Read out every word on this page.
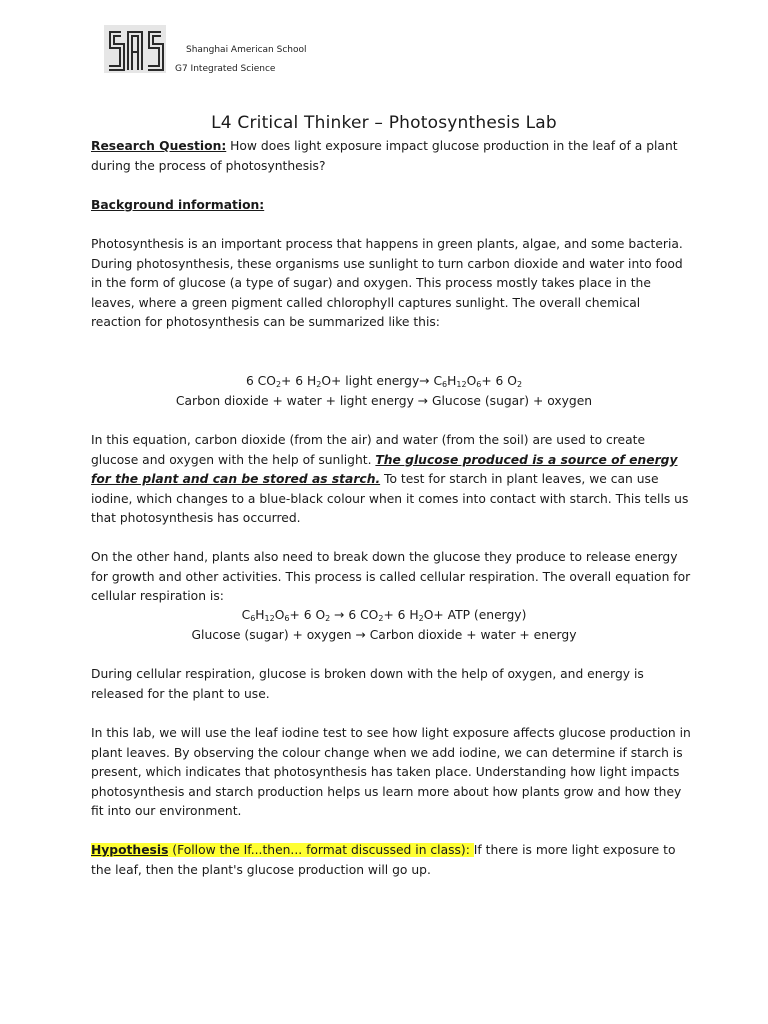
Shanghai American School
G7 Integrated Science
L4 Critical Thinker – Photosynthesis Lab
Research Question: How does light exposure impact glucose production in the leaf of a plant during the process of photosynthesis?
Background information:
Photosynthesis is an important process that happens in green plants, algae, and some bacteria. During photosynthesis, these organisms use sunlight to turn carbon dioxide and water into food in the form of glucose (a type of sugar) and oxygen. This process mostly takes place in the leaves, where a green pigment called chlorophyll captures sunlight. The overall chemical reaction for photosynthesis can be summarized like this:
6 $CO_2+ 6$ $H_2O+$ light energy→ $C_6H_{12}O_6+ 6$ $O_2$
Carbon dioxide + water + light energy → Glucose (sugar) + oxygen
In this equation, carbon dioxide (from the air) and water (from the soil) are used to create glucose and oxygen with the help of sunlight. The glucose produced is a source of energy for the plant and can be stored as starch. To test for starch in plant leaves, we can use iodine, which changes to a blue-black colour when it comes into contact with starch. This tells us that photosynthesis has occurred.
On the other hand, plants also need to break down the glucose they produce to release energy for growth and other activities. This process is called cellular respiration. The overall equation for cellular respiration is:
$C_6H_{12}O_6+ 6$ $O_2 \to 6$ $CO_2+ 6$ $H_2O+$ ATP (energy)
Glucose (sugar) + oxygen → Carbon dioxide + water + energy
During cellular respiration, glucose is broken down with the help of oxygen, and energy is released for the plant to use.
In this lab, we will use the leaf iodine test to see how light exposure affects glucose production in plant leaves. By observing the colour change when we add iodine, we can determine if starch is present, which indicates that photosynthesis has taken place. Understanding how light impacts photosynthesis and starch production helps us learn more about how plants grow and how they fit into our environment.
Hypothesis (Follow the If...then... format discussed in class): If there is more light exposure to the leaf, then the plant's glucose production will go up.
